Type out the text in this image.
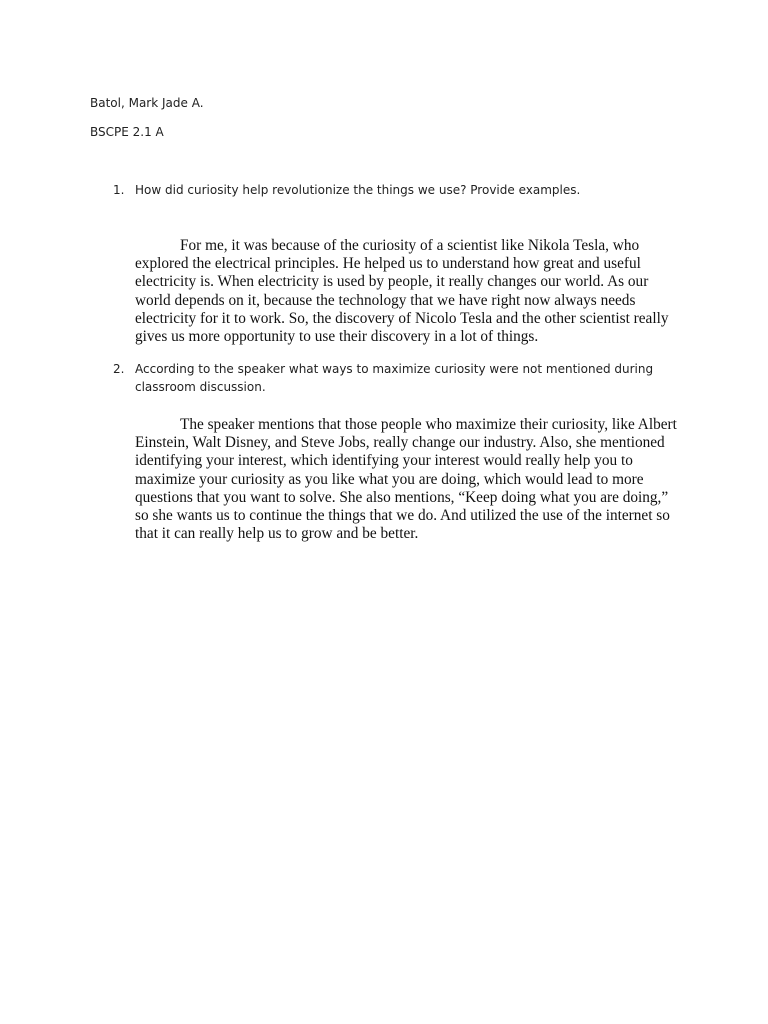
Batol, Mark Jade A.
BSCPE 2.1 A
1. How did curiosity help revolutionize the things we use? Provide examples.

For me, it was because of the curiosity of a scientist like Nikola Tesla, who explored the electrical principles. He helped us to understand how great and useful electricity is. When electricity is used by people, it really changes our world. As our world depends on it, because the technology that we have right now always needs electricity for it to work. So, the discovery of Nicolo Tesla and the other scientist really gives us more opportunity to use their discovery in a lot of things.

2. According to the speaker what ways to maximize curiosity were not mentioned during classroom discussion.

The speaker mentions that those people who maximize their curiosity, like Albert Einstein, Walt Disney, and Steve Jobs, really change our industry. Also, she mentioned identifying your interest, which identifying your interest would really help you to maximize your curiosity as you like what you are doing, which would lead to more questions that you want to solve. She also mentions, “Keep doing what you are doing,” so she wants us to continue the things that we do. And utilized the use of the internet so that it can really help us to grow and be better.
